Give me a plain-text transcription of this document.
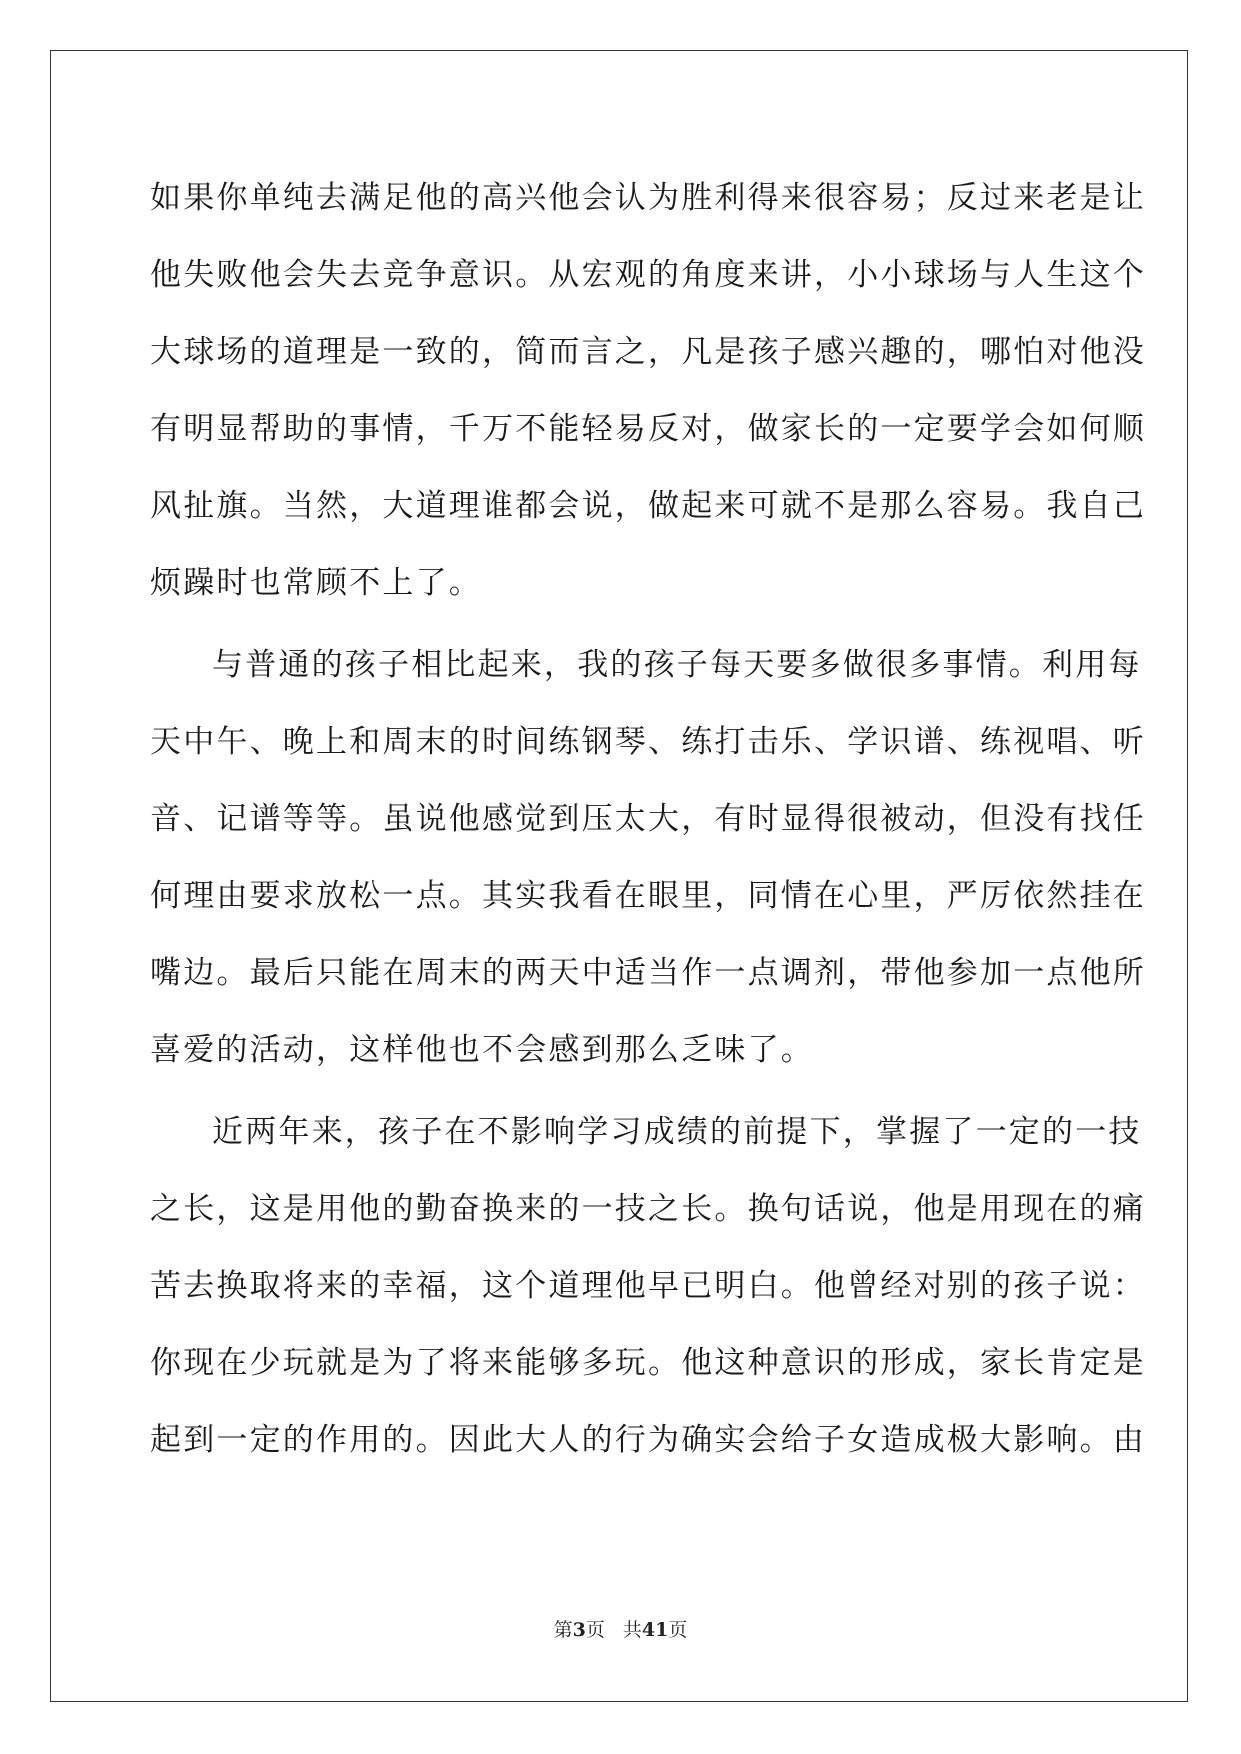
如果你单纯去满足他的高兴他会认为胜利得来很容易；反过来老是让
他失败他会失去竞争意识。从宏观的角度来讲，小小球场与人生这个
大球场的道理是一致的，简而言之，凡是孩子感兴趣的，哪怕对他没
有明显帮助的事情，千万不能轻易反对，做家长的一定要学会如何顺
风扯旗。当然，大道理谁都会说，做起来可就不是那么容易。我自己
烦躁时也常顾不上了。
与普通的孩子相比起来，我的孩子每天要多做很多事情。利用每
天中午、晚上和周末的时间练钢琴、练打击乐、学识谱、练视唱、听
音、记谱等等。虽说他感觉到压太大，有时显得很被动，但没有找任
何理由要求放松一点。其实我看在眼里，同情在心里，严厉依然挂在
嘴边。最后只能在周末的两天中适当作一点调剂，带他参加一点他所
喜爱的活动，这样他也不会感到那么乏味了。
近两年来，孩子在不影响学习成绩的前提下，掌握了一定的一技
之长，这是用他的勤奋换来的一技之长。换句话说，他是用现在的痛
苦去换取将来的幸福，这个道理他早已明白。他曾经对别的孩子说：
你现在少玩就是为了将来能够多玩。他这种意识的形成，家长肯定是
起到一定的作用的。因此大人的行为确实会给子女造成极大影响。由
第3页 共41页
